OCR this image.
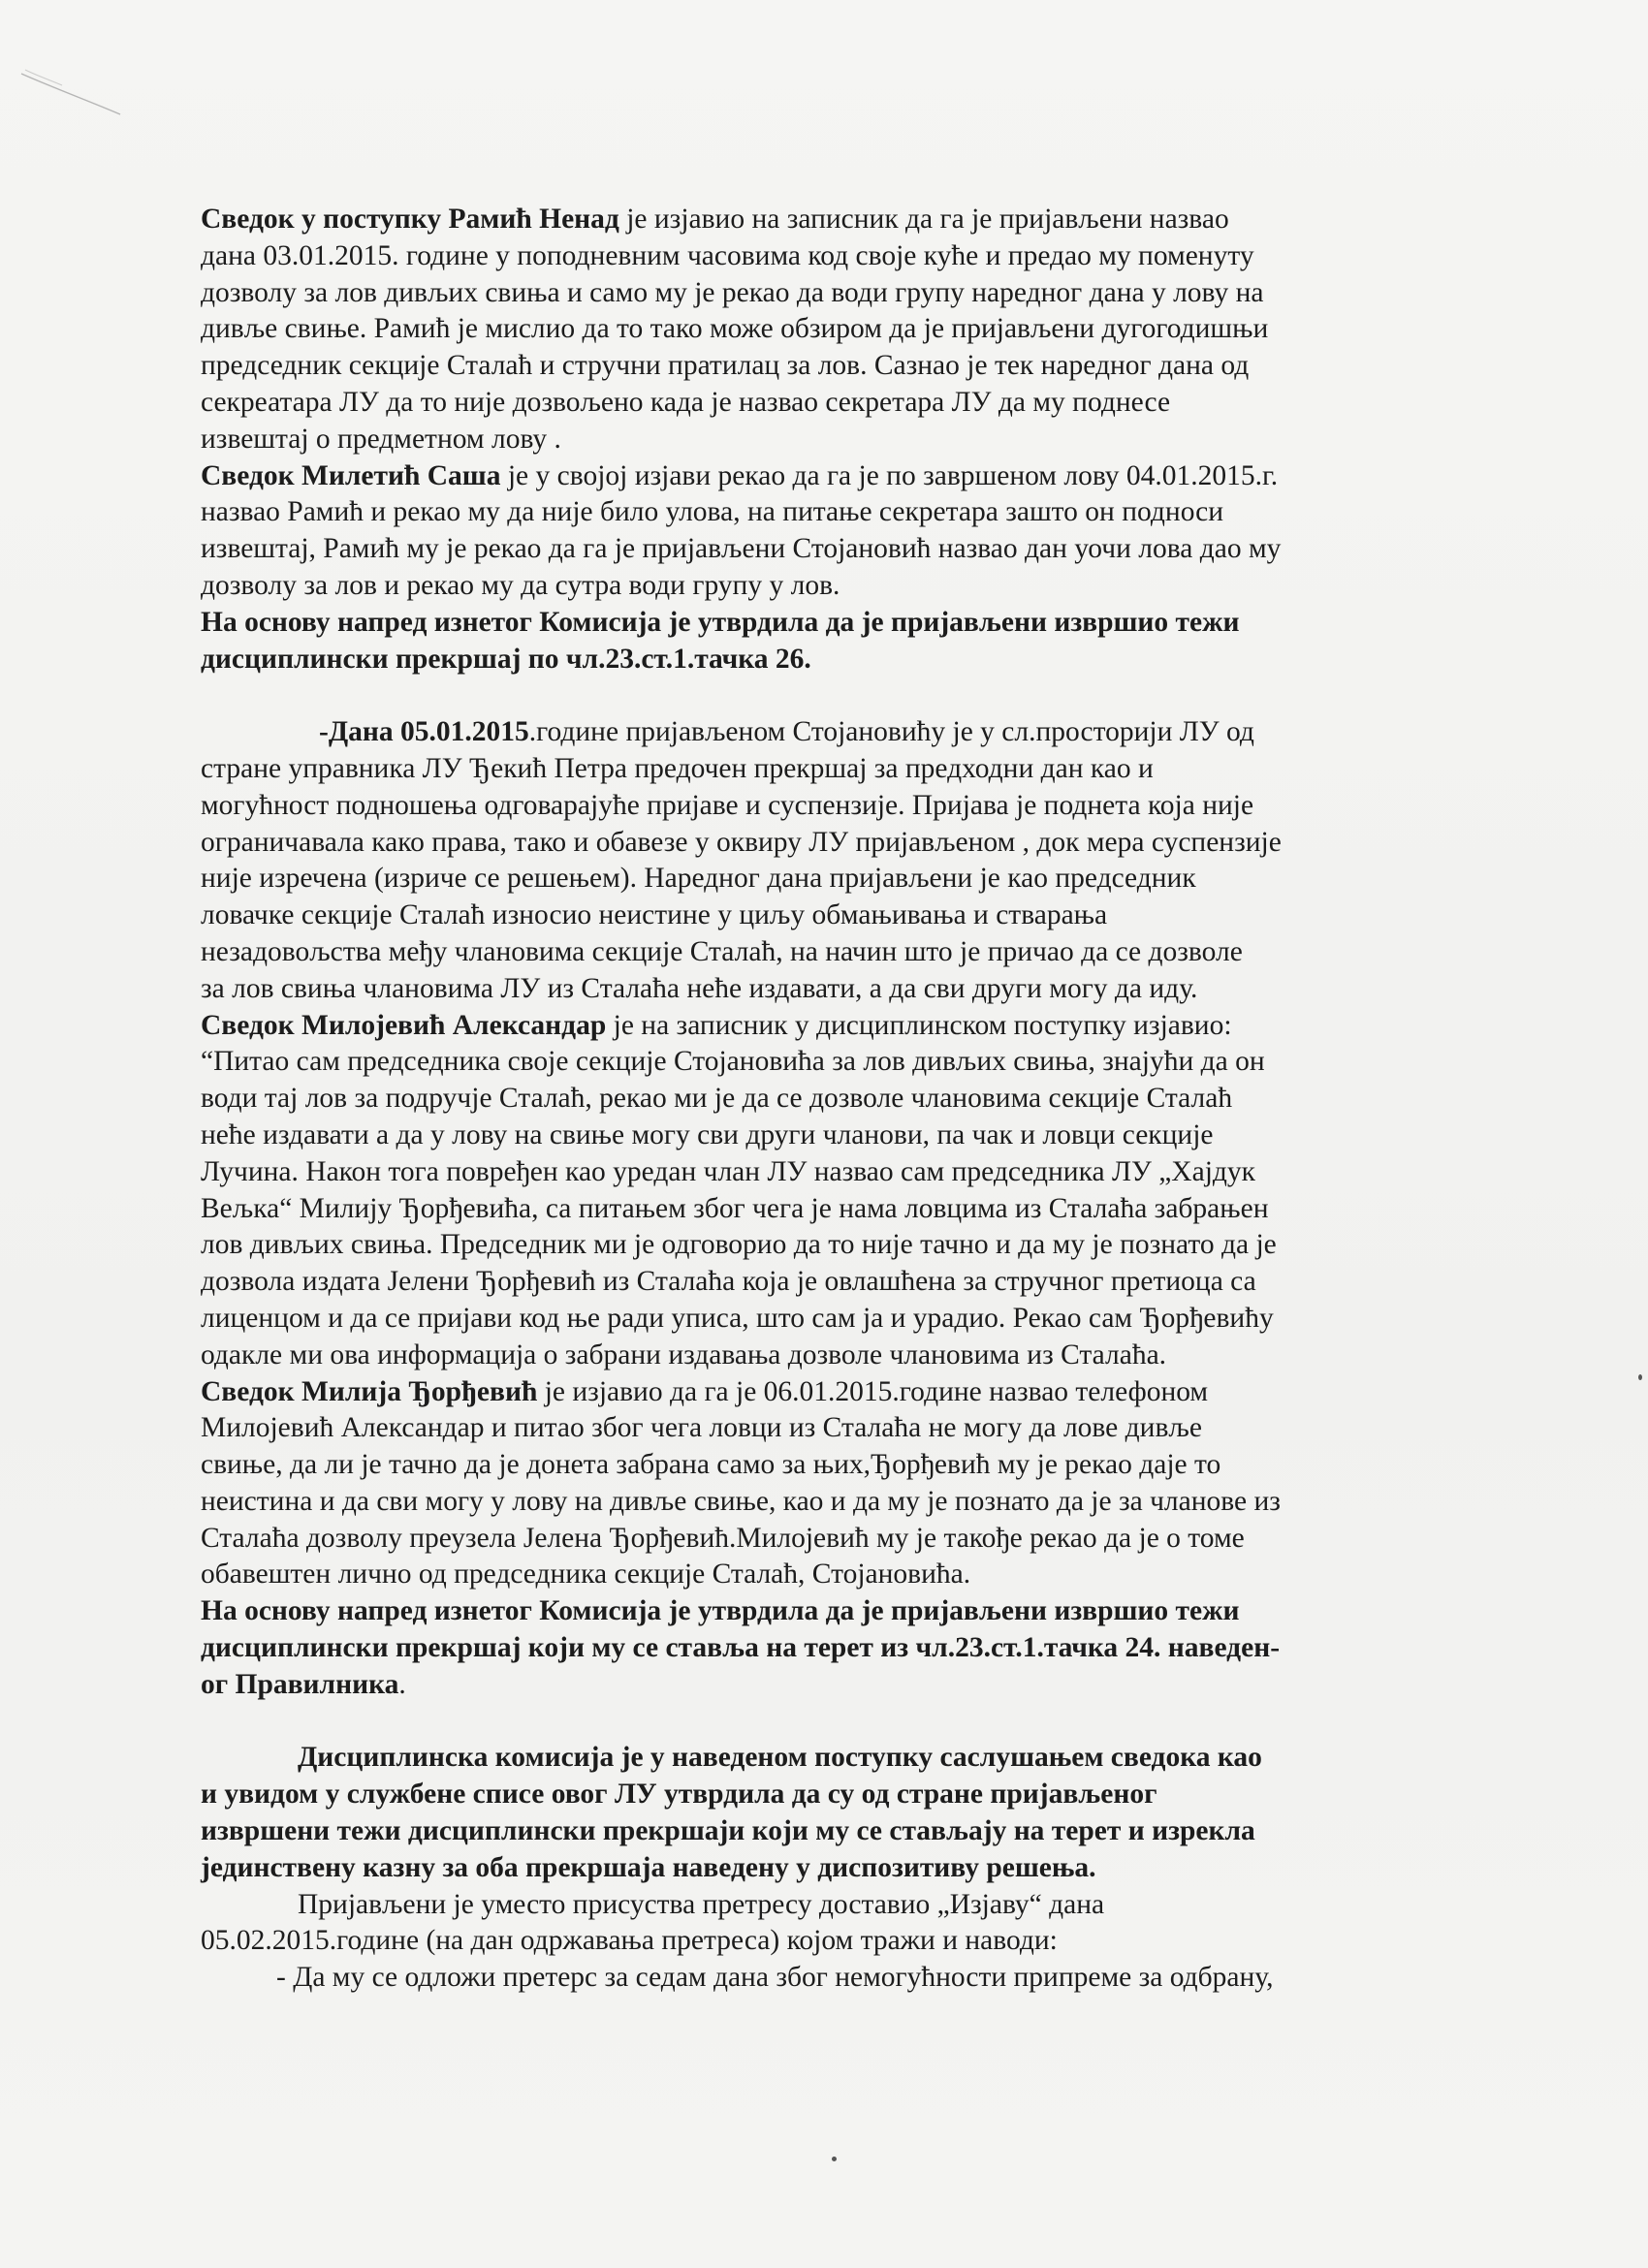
Сведок у поступку Рамић Ненад је изјавио на записник да га је пријављени назвао
дана 03.01.2015. године у поподневним часовима код своје куће и предао му поменуту
дозволу за лов дивљих свиња и само му је рекао да води групу наредног дана у лову на
дивље свиње. Рамић је мислио да то тако може обзиром да је пријављени дугогодишњи
председник секције Сталаћ и стручни пратилац за лов. Сазнао је тек наредног дана од
секреатара ЛУ да то није дозвољено када је назвао секретара ЛУ да му поднесе
извештај о предметном лову .
Сведок Милетић Саша је у својој изјави рекао да га је по завршеном лову 04.01.2015.г.
назвао Рамић и рекао му да није било улова, на питање секретара зашто он подноси
извештај, Рамић му је рекао да га је пријављени Стојановић назвао дан уочи лова дао му
дозволу за лов и рекао му да сутра води групу у лов.
На основу напред изнетог Комисија је утврдила да је пријављени извршио тежи
дисциплински прекршај по чл.23.ст.1.тачка 26.
-Дана 05.01.2015.године пријављеном Стојановићу је у сл.просторији ЛУ од
стране управника ЛУ Ђекић Петра предочен прекршај за предходни дан као и
могућност подношења одговарајуће пријаве и суспензије. Пријава је поднета која није
ограничавала како права, тако и обавезе у оквиру ЛУ пријављеном , док мера суспензије
није изречена (изриче се решењем). Наредног дана пријављени је као председник
ловачке секције Сталаћ износио неистине у циљу обмањивања и стварања
незадовољства међу члановима секције Сталаћ, на начин што је причао да се дозволе
за лов свиња члановима ЛУ из Сталаћа неће издавати, а да сви други могу да иду.
Сведок Милојевић Александар је на записник у дисциплинском поступку изјавио:
“Питао сам председника своје секције Стојановића за лов дивљих свиња, знајући да он
води тај лов за подручје Сталаћ, рекао ми је да се дозволе члановима секције Сталаћ
неће издавати а да у лову на свиње могу сви други чланови, па чак и ловци секције
Лучина. Након тога повређен као уредан члан ЛУ назвао сам председника ЛУ „Хајдук
Вељка“ Милију Ђорђевића, са питањем због чега је нама ловцима из Сталаћа забрањен
лов дивљих свиња. Председник ми је одговорио да то није тачно и да му је познато да је
дозвола издата Јелени Ђорђевић из Сталаћа која је овлашћена за стручног претиоца са
лиценцом и да се пријави код ње ради уписа, што сам ја и урадио. Рекао сам Ђорђевићу
одакле ми ова информација о забрани издавања дозволе члановима из Сталаћа.
Сведок Милија Ђорђевић је изјавио да га је 06.01.2015.године назвао телефоном
Милојевић Александар и питао због чега ловци из Сталаћа не могу да лове дивље
свиње, да ли је тачно да је донета забрана само за њих,Ђорђевић му је рекао даје то
неистина и да сви могу у лову на дивље свиње, као и да му је познато да је за чланове из
Сталаћа дозволу преузела Јелена Ђорђевић.Милојевић му је такође рекао да је о томе
обавештен лично од председника секције Сталаћ, Стојановића.
На основу напред изнетог Комисија је утврдила да је пријављени извршио тежи
дисциплински прекршај који му се ставља на терет из чл.23.ст.1.тачка 24. наведен-
ог Правилника.
Дисциплинска комисија је у наведеном поступку саслушањем сведока као
и увидом у службене списе овог ЛУ утврдила да су од стране пријављеног
извршени тежи дисциплински прекршаји који му се стављају на терет и изрекла
јединствену казну за оба прекршаја наведену у диспозитиву решења.
Пријављени је уместо присуства претресу доставио „Изјаву“ дана
05.02.2015.године (на дан одржавања претреса) којом тражи и наводи:
- Да му се одложи претерс за седам дана због немогућности припреме за одбрану,
